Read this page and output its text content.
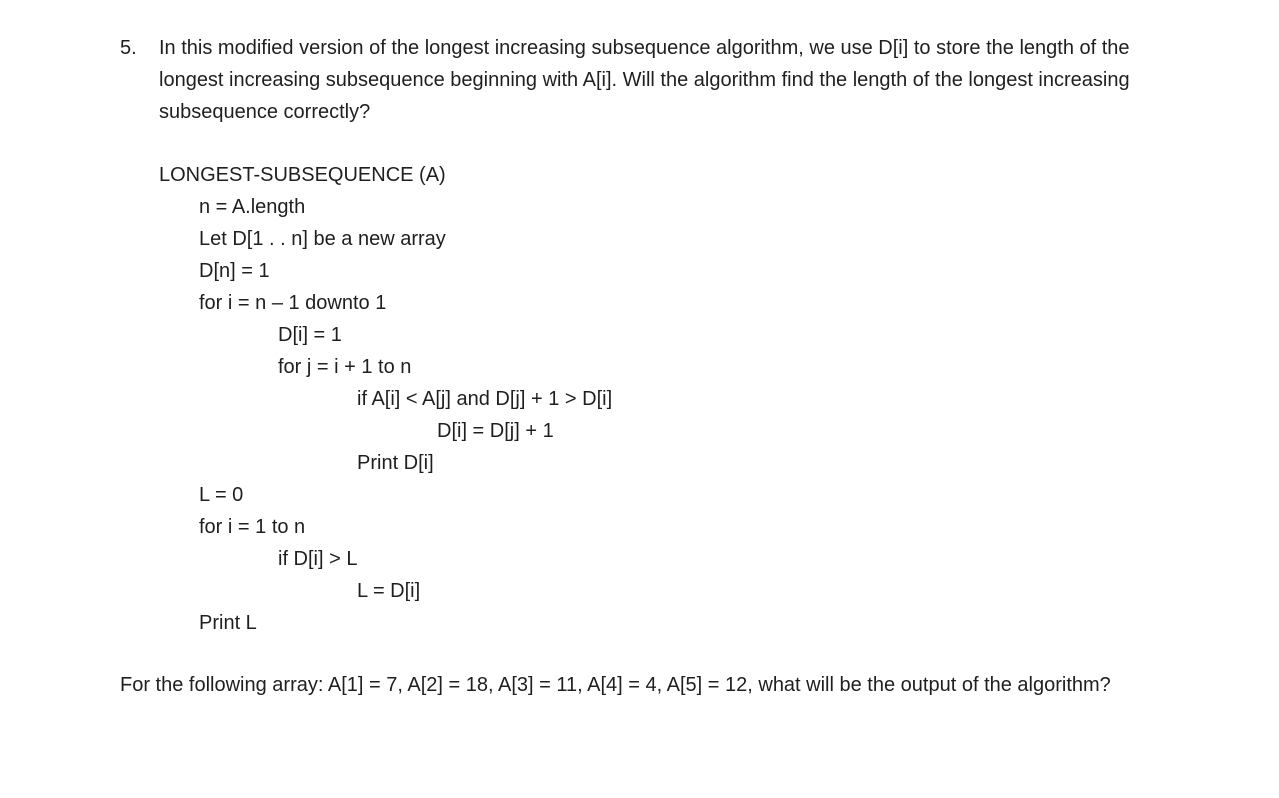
5. In this modified version of the longest increasing subsequence algorithm, we use D[i] to store the length of the longest increasing subsequence beginning with A[i]. Will the algorithm find the length of the longest increasing subsequence correctly?
LONGEST-SUBSEQUENCE (A)
n = A.length
Let D[1 . . n] be a new array
D[n] = 1
for i = n – 1 downto 1
D[i] = 1
for j = i + 1 to n
if A[i] < A[j] and D[j] + 1 > D[i]
D[i] = D[j] + 1
Print D[i]
L = 0
for i = 1 to n
if D[i] > L
L = D[i]
Print L
For the following array: A[1] = 7, A[2] = 18, A[3] = 11, A[4] = 4, A[5] = 12, what will be the output of the algorithm?
